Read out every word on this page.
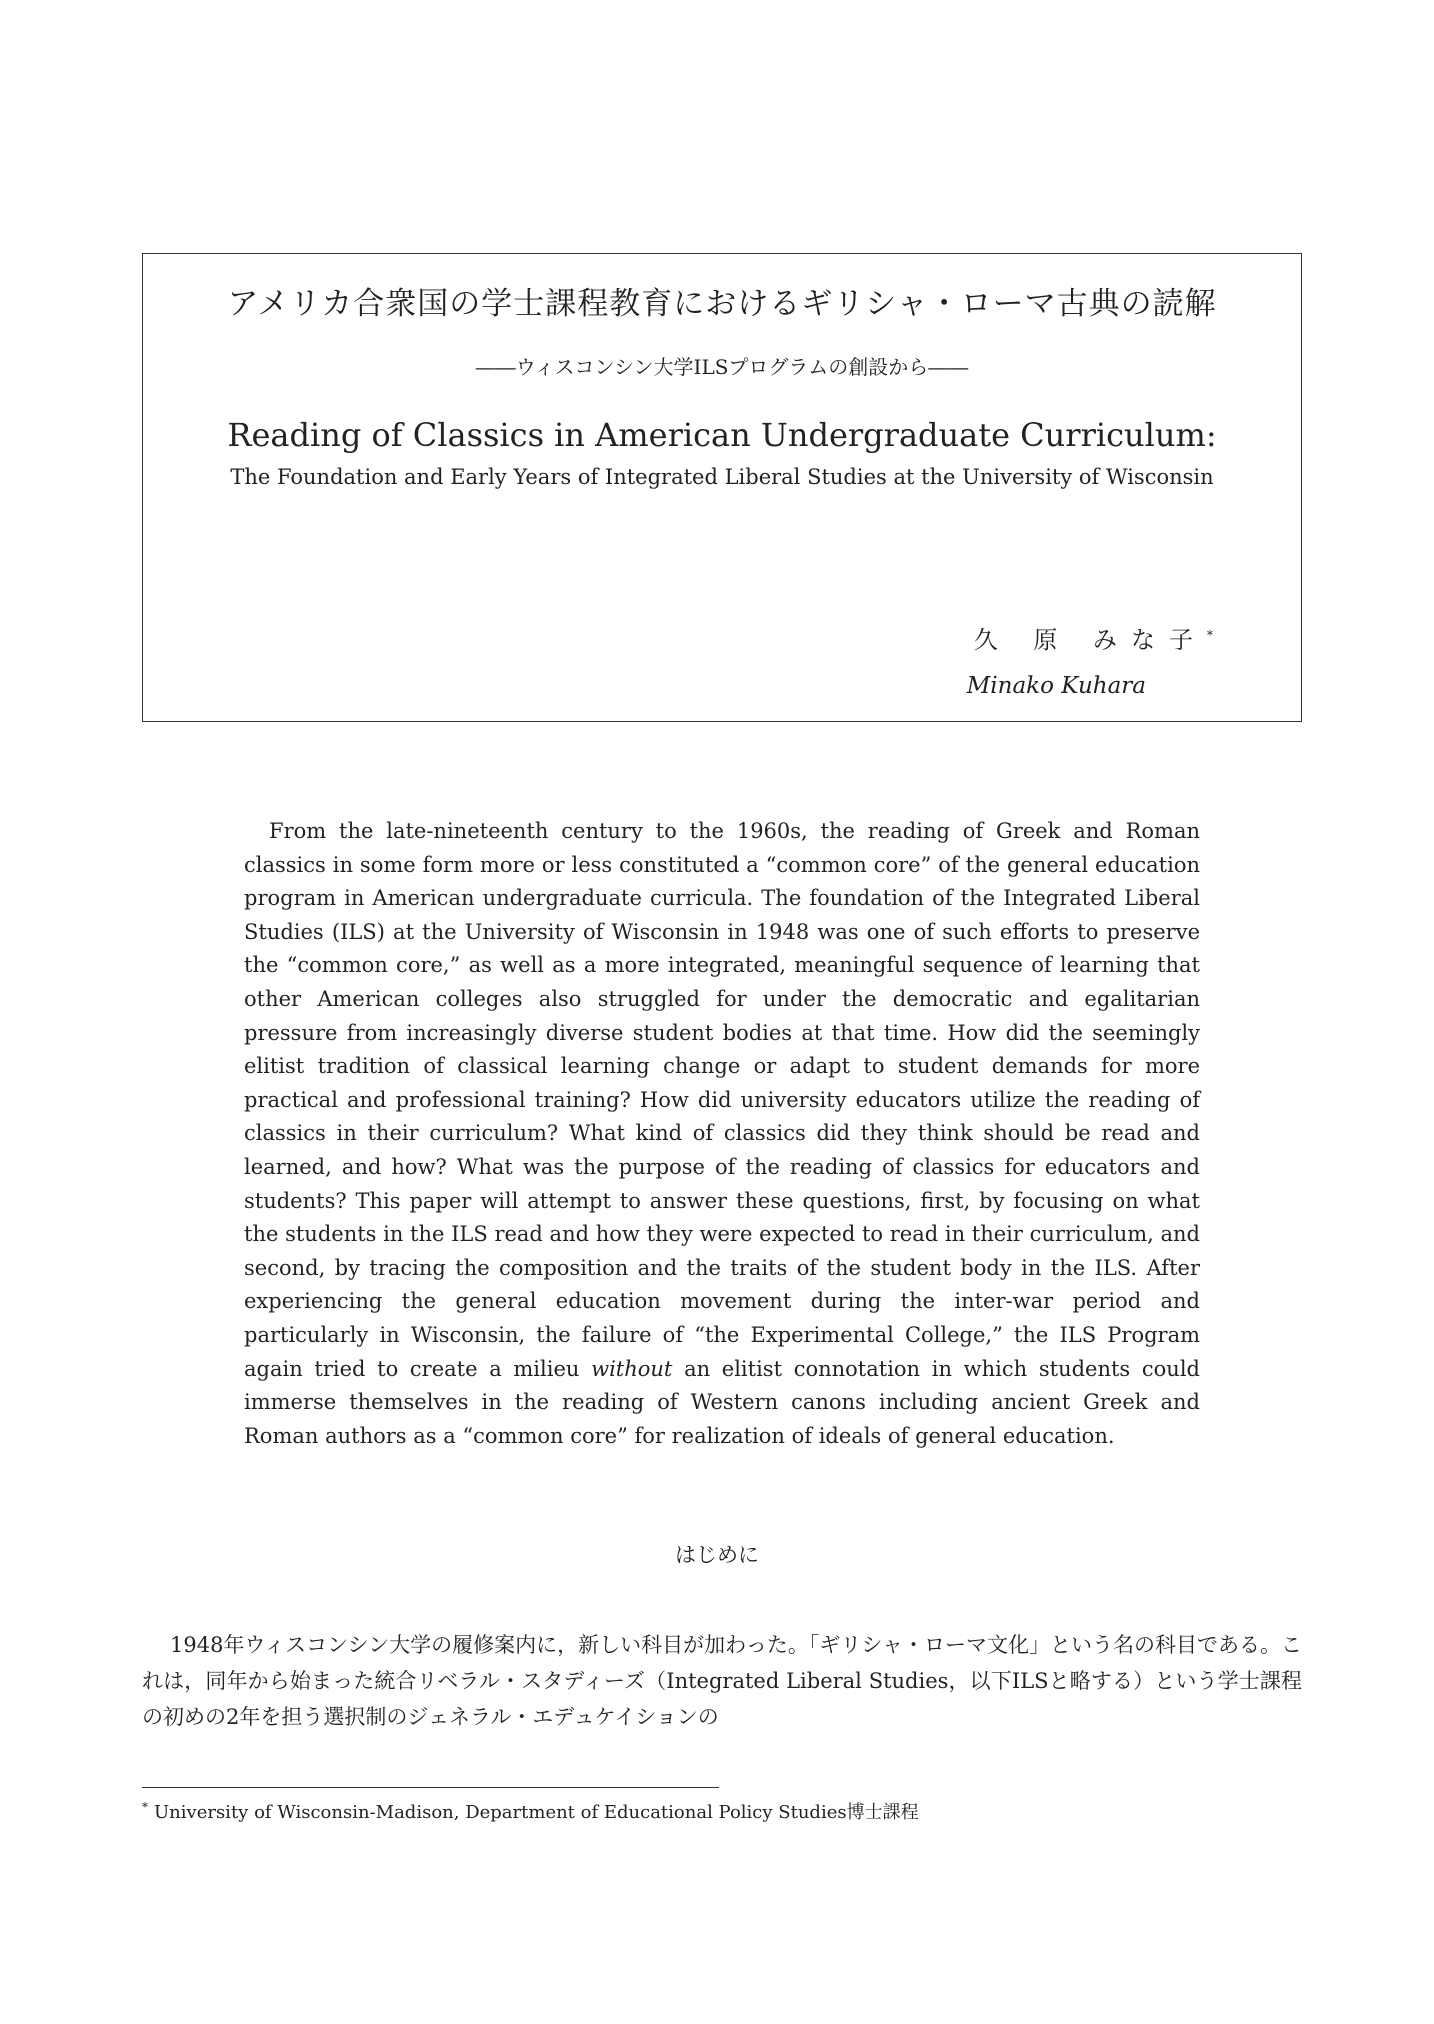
アメリカ合衆国の学士課程教育におけるギリシャ・ローマ古典の読解
――ウィスコンシン大学ILSプログラムの創設から――
Reading of Classics in American Undergraduate Curriculum:
The Foundation and Early Years of Integrated Liberal Studies at the University of Wisconsin
久 原 みな子*
Minako Kuhara

From the late-nineteenth century to the 1960s, the reading of Greek and Roman classics in some form more or less constituted a “common core” of the general education program in American undergraduate curricula. The foundation of the Integrated Liberal Studies (ILS) at the University of Wisconsin in 1948 was one of such efforts to preserve the “common core,” as well as a more integrated, meaningful sequence of learning that other American colleges also struggled for under the democratic and egalitarian pressure from increasingly diverse student bodies at that time. How did the seemingly elitist tradition of classical learning change or adapt to student demands for more practical and professional training? How did university educators utilize the reading of classics in their curriculum? What kind of classics did they think should be read and learned, and how? What was the purpose of the reading of classics for educators and students? This paper will attempt to answer these questions, first, by focusing on what the students in the ILS read and how they were expected to read in their curriculum, and second, by tracing the composition and the traits of the student body in the ILS. After experiencing the general education movement during the inter-war period and particularly in Wisconsin, the failure of “the Experimental College,” the ILS Program again tried to create a milieu without an elitist connotation in which students could immerse themselves in the reading of Western canons including ancient Greek and Roman authors as a “common core” for realization of ideals of general education.

はじめに

1948年ウィスコンシン大学の履修案内に，新しい科目が加わった。「ギリシャ・ローマ文化」という名の科目である。これは，同年から始まった統合リベラル・スタディーズ（Integrated Liberal Studies，以下ILSと略する）という学士課程の初めの2年を担う選択制のジェネラル・エデュケイションの

* University of Wisconsin-Madison, Department of Educational Policy Studies博士課程
